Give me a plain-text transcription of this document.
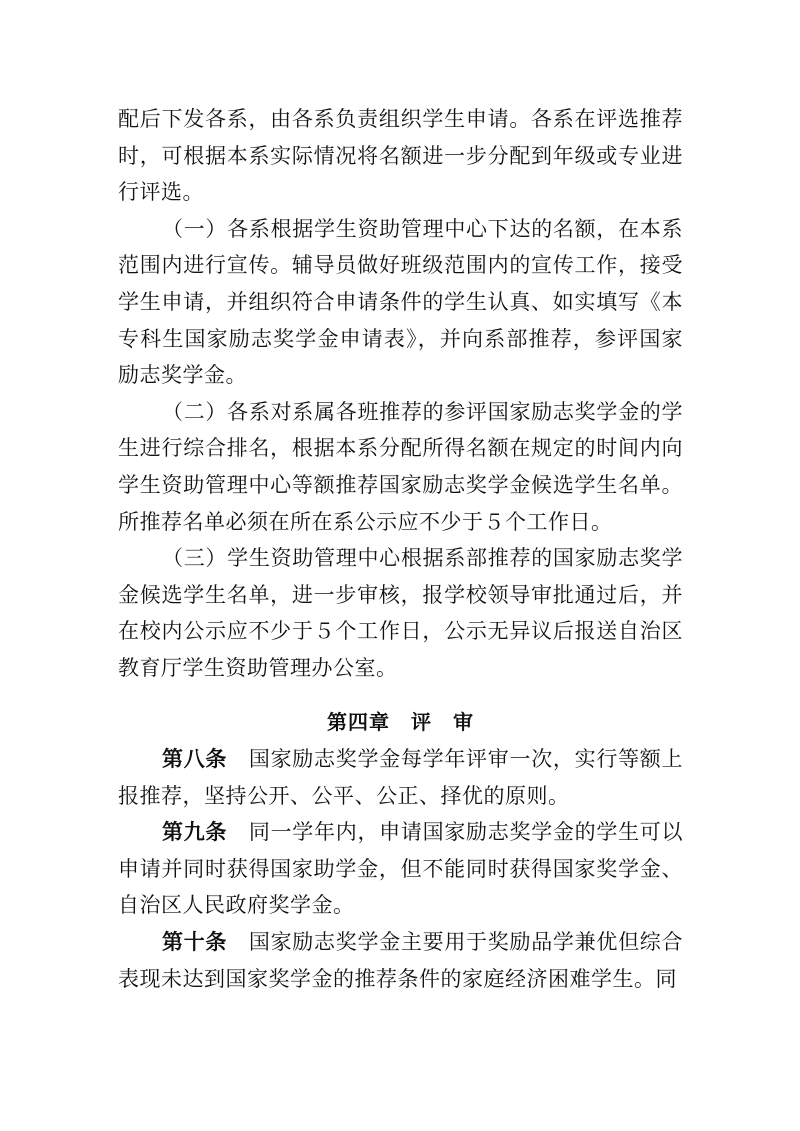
配后下发各系，由各系负责组织学生申请。各系在评选推荐时，可根据本系实际情况将名额进一步分配到年级或专业进行评选。

（一）各系根据学生资助管理中心下达的名额，在本系范围内进行宣传。辅导员做好班级范围内的宣传工作，接受学生申请，并组织符合申请条件的学生认真、如实填写《本专科生国家励志奖学金申请表》，并向系部推荐，参评国家励志奖学金。

（二）各系对系属各班推荐的参评国家励志奖学金的学生进行综合排名，根据本系分配所得名额在规定的时间内向学生资助管理中心等额推荐国家励志奖学金候选学生名单。所推荐名单必须在所在系公示应不少于５个工作日。

（三）学生资助管理中心根据系部推荐的国家励志奖学金候选学生名单，进一步审核，报学校领导审批通过后，并在校内公示应不少于５个工作日，公示无异议后报送自治区教育厅学生资助管理办公室。

第四章　评　审

第八条  国家励志奖学金每学年评审一次，实行等额上报推荐，坚持公开、公平、公正、择优的原则。

第九条  同一学年内，申请国家励志奖学金的学生可以申请并同时获得国家助学金，但不能同时获得国家奖学金、自治区人民政府奖学金。

第十条  国家励志奖学金主要用于奖励品学兼优但综合表现未达到国家奖学金的推荐条件的家庭经济困难学生。同
